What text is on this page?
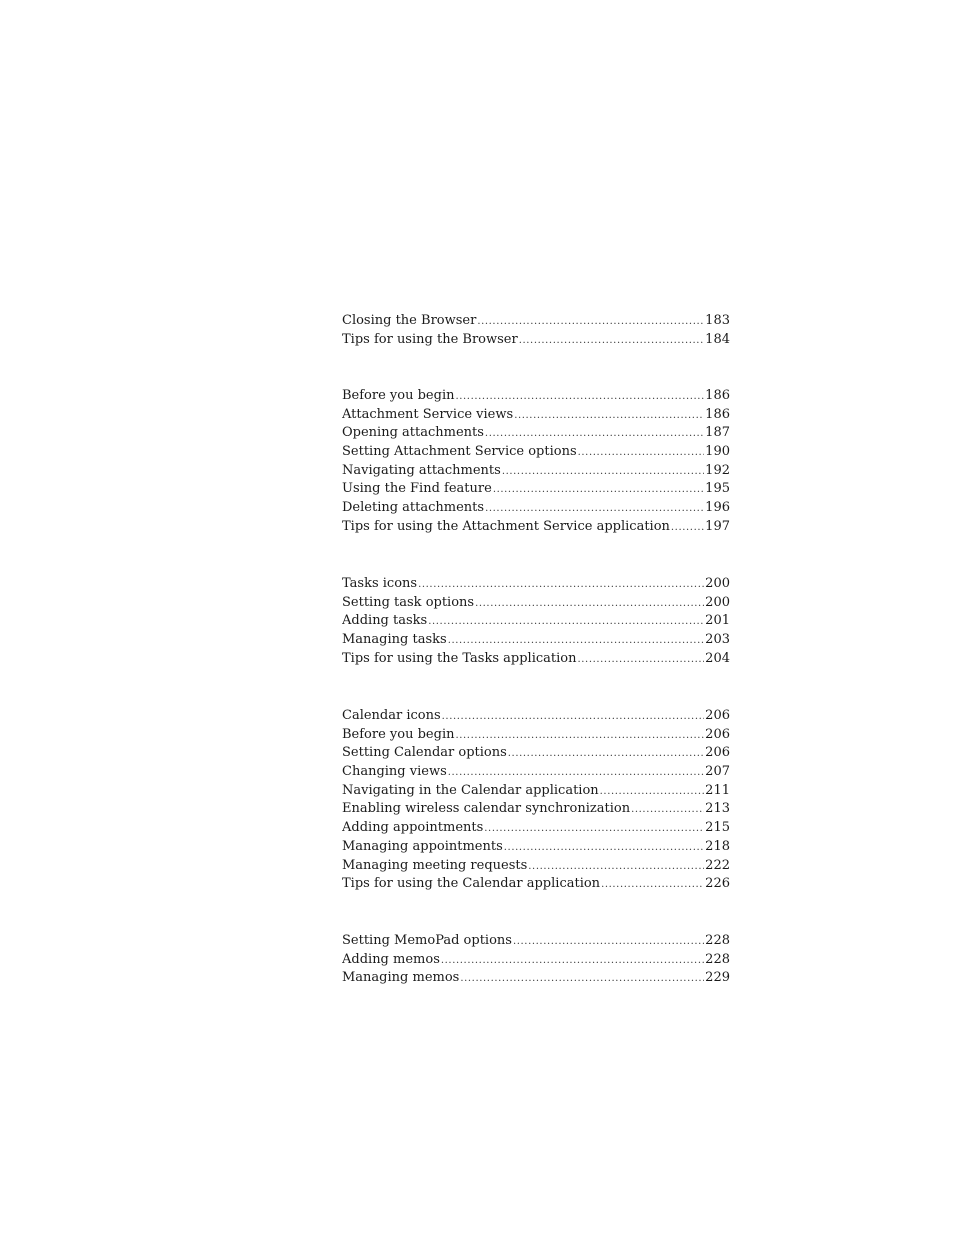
Closing the Browser .....	183
Tips for using the Browser .....	184
Before you begin .....	186
Attachment Service views .....	186
Opening attachments .....	187
Setting Attachment Service options .....	190
Navigating attachments .....	192
Using the Find feature .....	195
Deleting attachments .....	196
Tips for using the Attachment Service application .....	197
Tasks icons .....	200
Setting task options .....	200
Adding tasks .....	201
Managing tasks .....	203
Tips for using the Tasks application .....	204
Calendar icons .....	206
Before you begin .....	206
Setting Calendar options .....	206
Changing views .....	207
Navigating in the Calendar application .....	211
Enabling wireless calendar synchronization .....	213
Adding appointments .....	215
Managing appointments .....	218
Managing meeting requests .....	222
Tips for using the Calendar application .....	226
Setting MemoPad options .....	228
Adding memos .....	228
Managing memos .....	229
